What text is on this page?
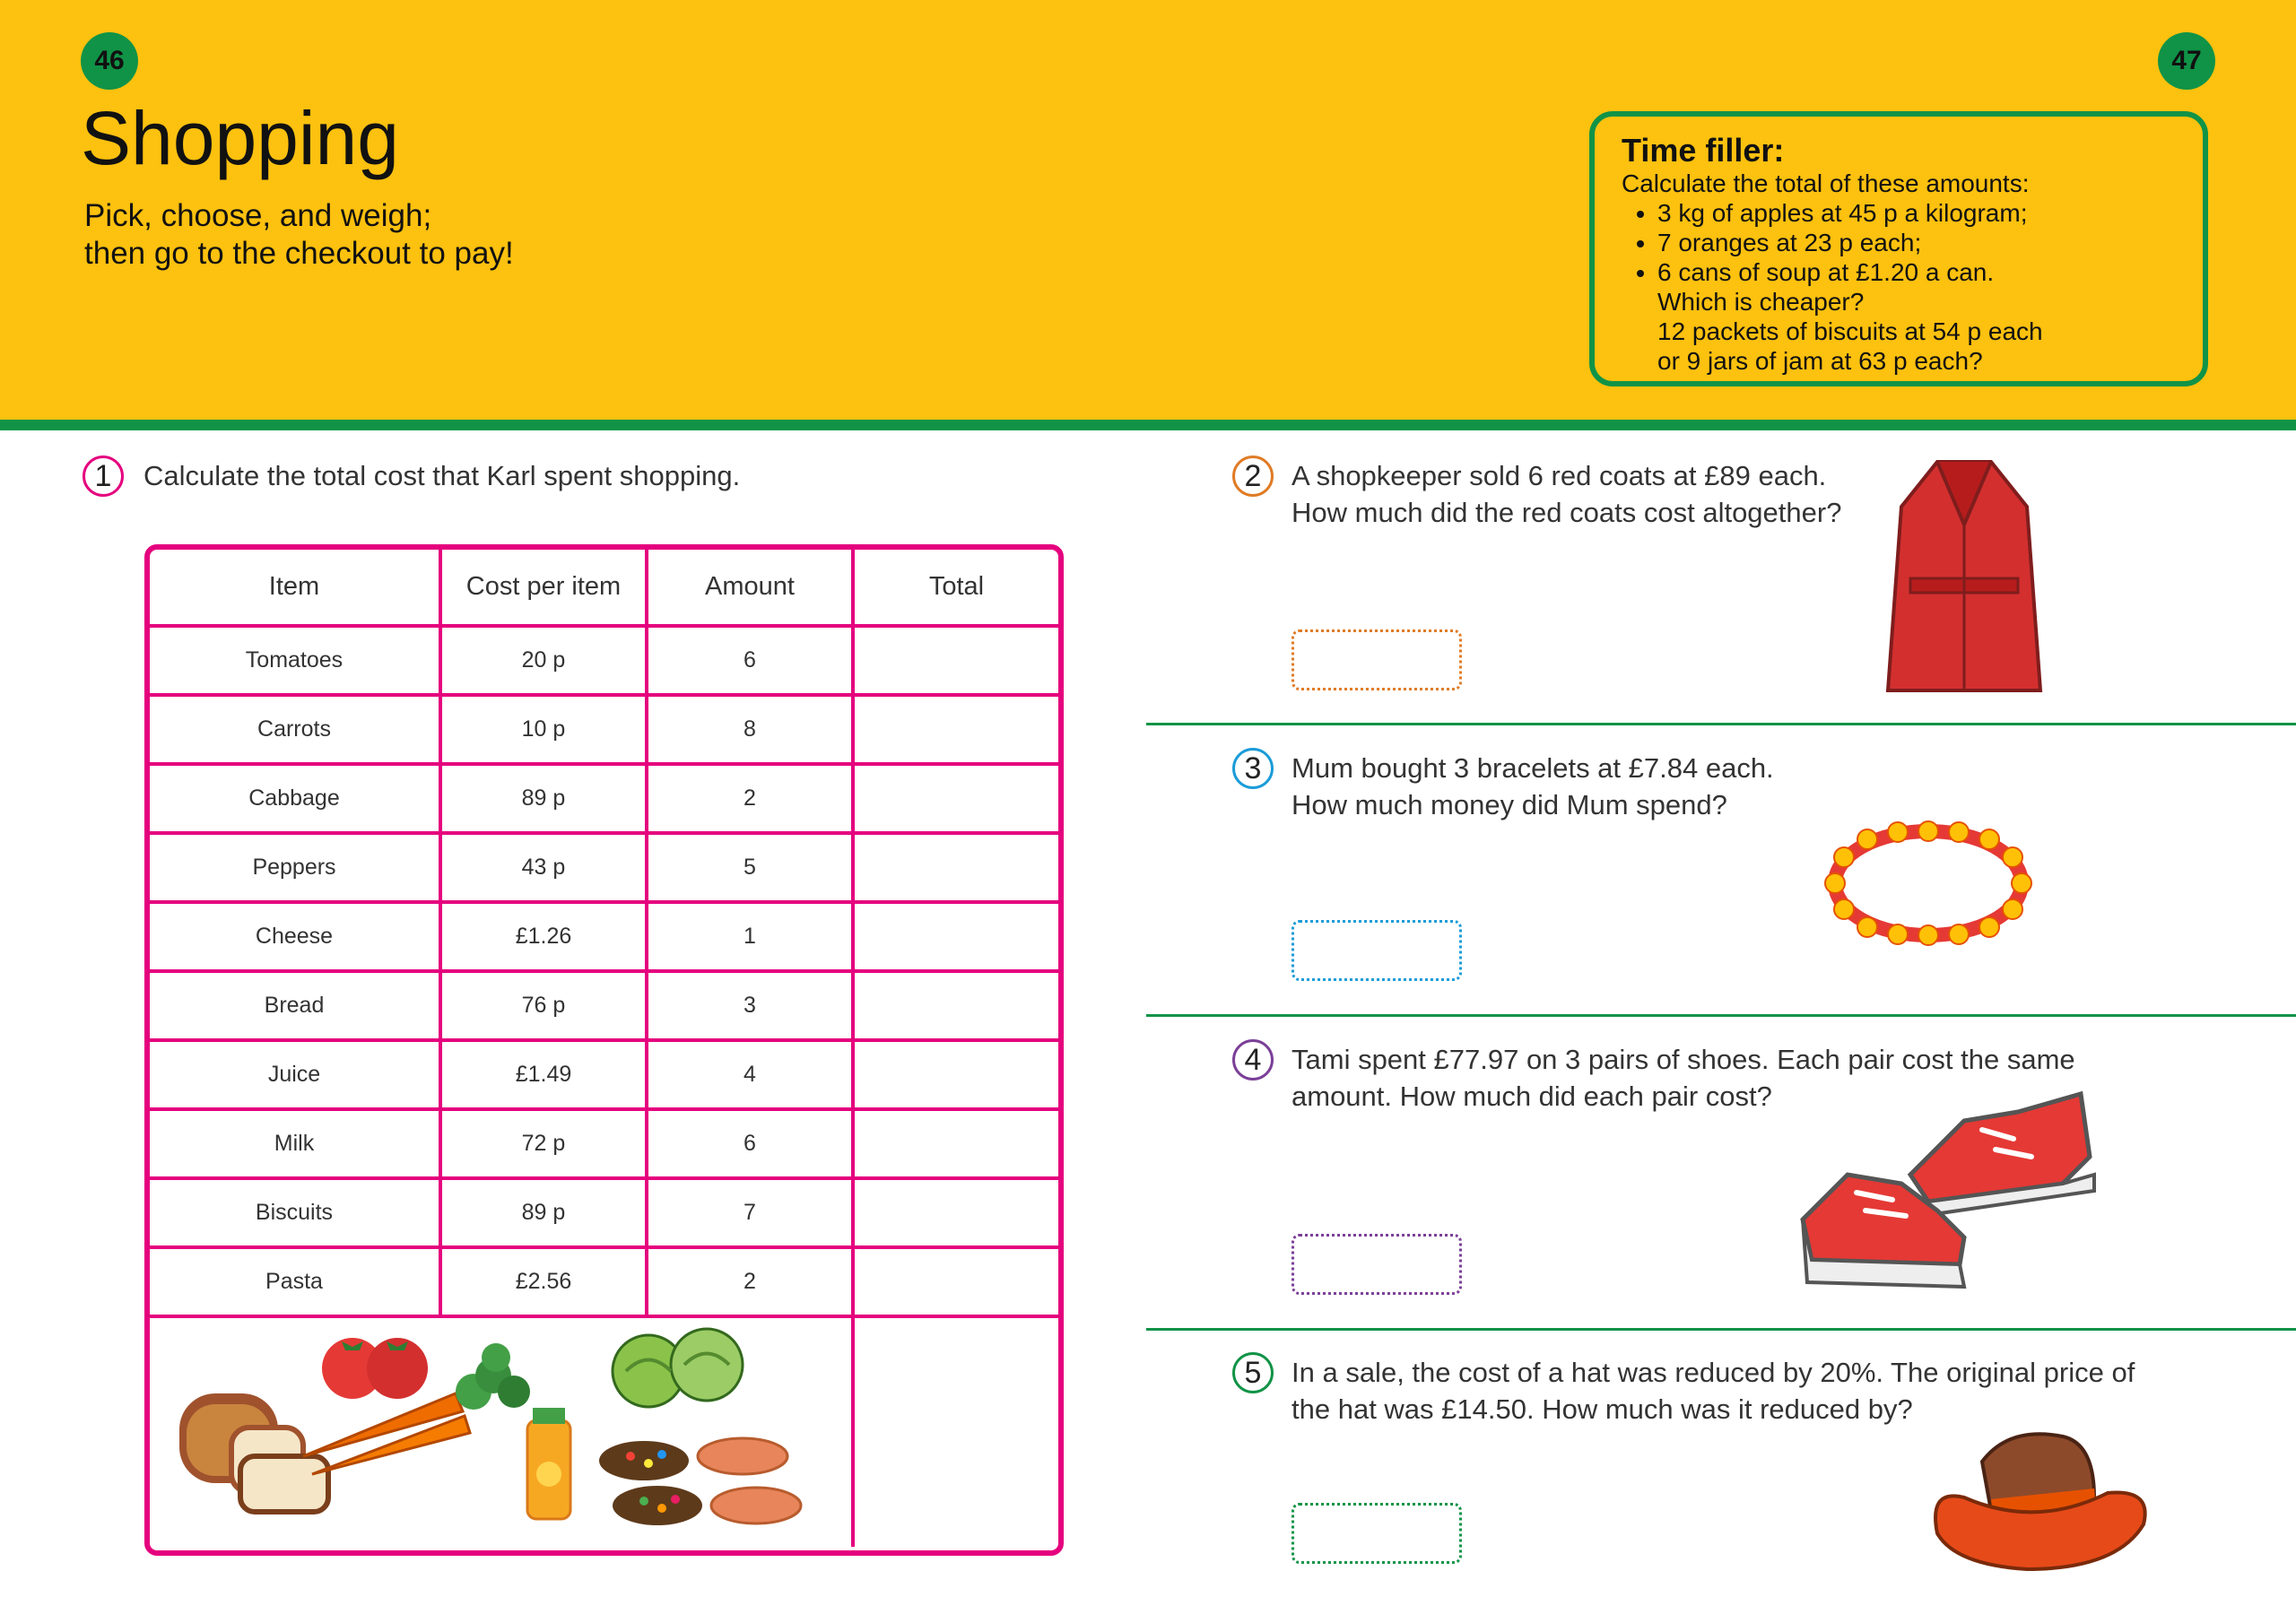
46	47
Shopping
Pick, choose, and weigh;
then go to the checkout to pay!
Time filler:
Calculate the total of these amounts:
• 3 kg of apples at 45 p a kilogram;
• 7 oranges at 23 p each;
• 6 cans of soup at £1.20 a can.
Which is cheaper?
12 packets of biscuits at 54 p each
or 9 jars of jam at 63 p each?
1	Calculate the total cost that Karl spent shopping.
Item	Cost per item	Amount	Total
Tomatoes	20 p	6	
Carrots	10 p	8	
Cabbage	89 p	2	
Peppers	43 p	5	
Cheese	£1.26	1	
Bread	76 p	3	
Juice	£1.49	4	
Milk	72 p	6	
Biscuits	89 p	7	
Pasta	£2.56	2	

2	A shopkeeper sold 6 red coats at £89 each.
How much did the red coats cost altogether?
3	Mum bought 3 bracelets at £7.84 each.
How much money did Mum spend?
4	Tami spent £77.97 on 3 pairs of shoes. Each pair cost the same
amount. How much did each pair cost?
5	In a sale, the cost of a hat was reduced by 20%. The original price of
the hat was £14.50. How much was it reduced by?
